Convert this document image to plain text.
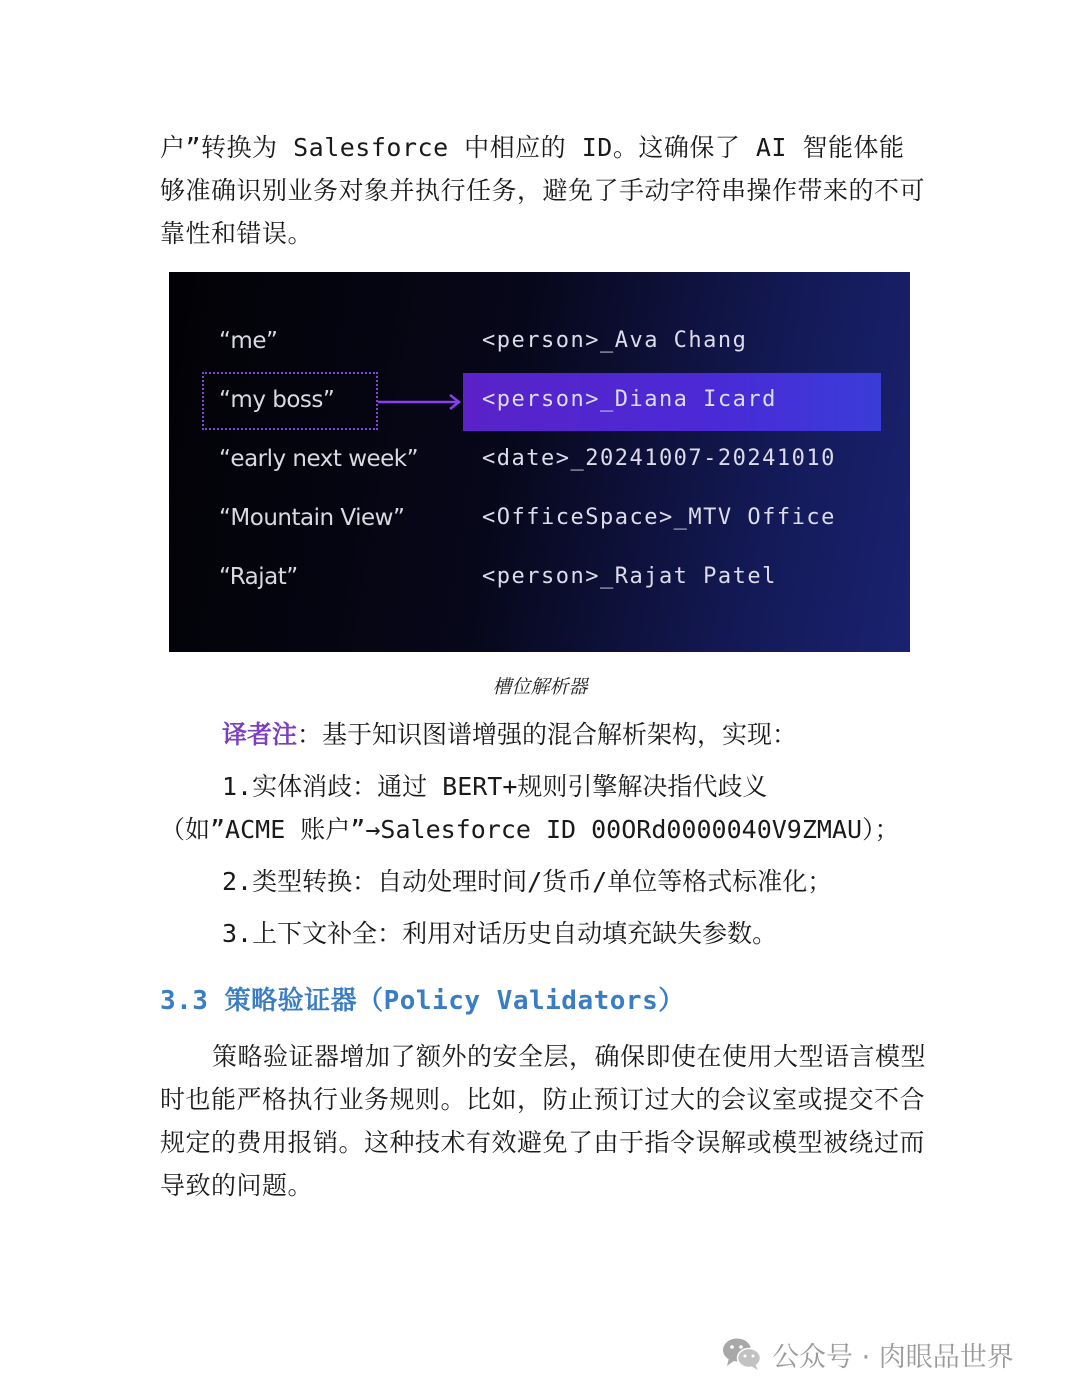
户”转换为 Salesforce 中相应的 ID。这确保了 AI 智能体能够准确识别业务对象并执行任务，避免了手动字符串操作带来的不可靠性和错误。

“me”	<person>_Ava Chang
“my boss”	<person>_Diana Icard
“early next week”	<date>_20241007-20241010
“Mountain View”	<OfficeSpace>_MTV Office
“Rajat”	<person>_Rajat Patel
槽位解析器

译者注：基于知识图谱增强的混合解析架构，实现：

1.实体消歧：通过 BERT+规则引擎解决指代歧义

（如”ACME 账户”→Salesforce ID 00ORd0000040V9ZMAU）；

2.类型转换：自动处理时间/货币/单位等格式标准化；

3.上下文补全：利用对话历史自动填充缺失参数。

3.3 策略验证器（Policy Validators）

策略验证器增加了额外的安全层，确保即使在使用大型语言模型时也能严格执行业务规则。比如，防止预订过大的会议室或提交不合规定的费用报销。这种技术有效避免了由于指令误解或模型被绕过而导致的问题。

公众号 · 肉眼品世界
